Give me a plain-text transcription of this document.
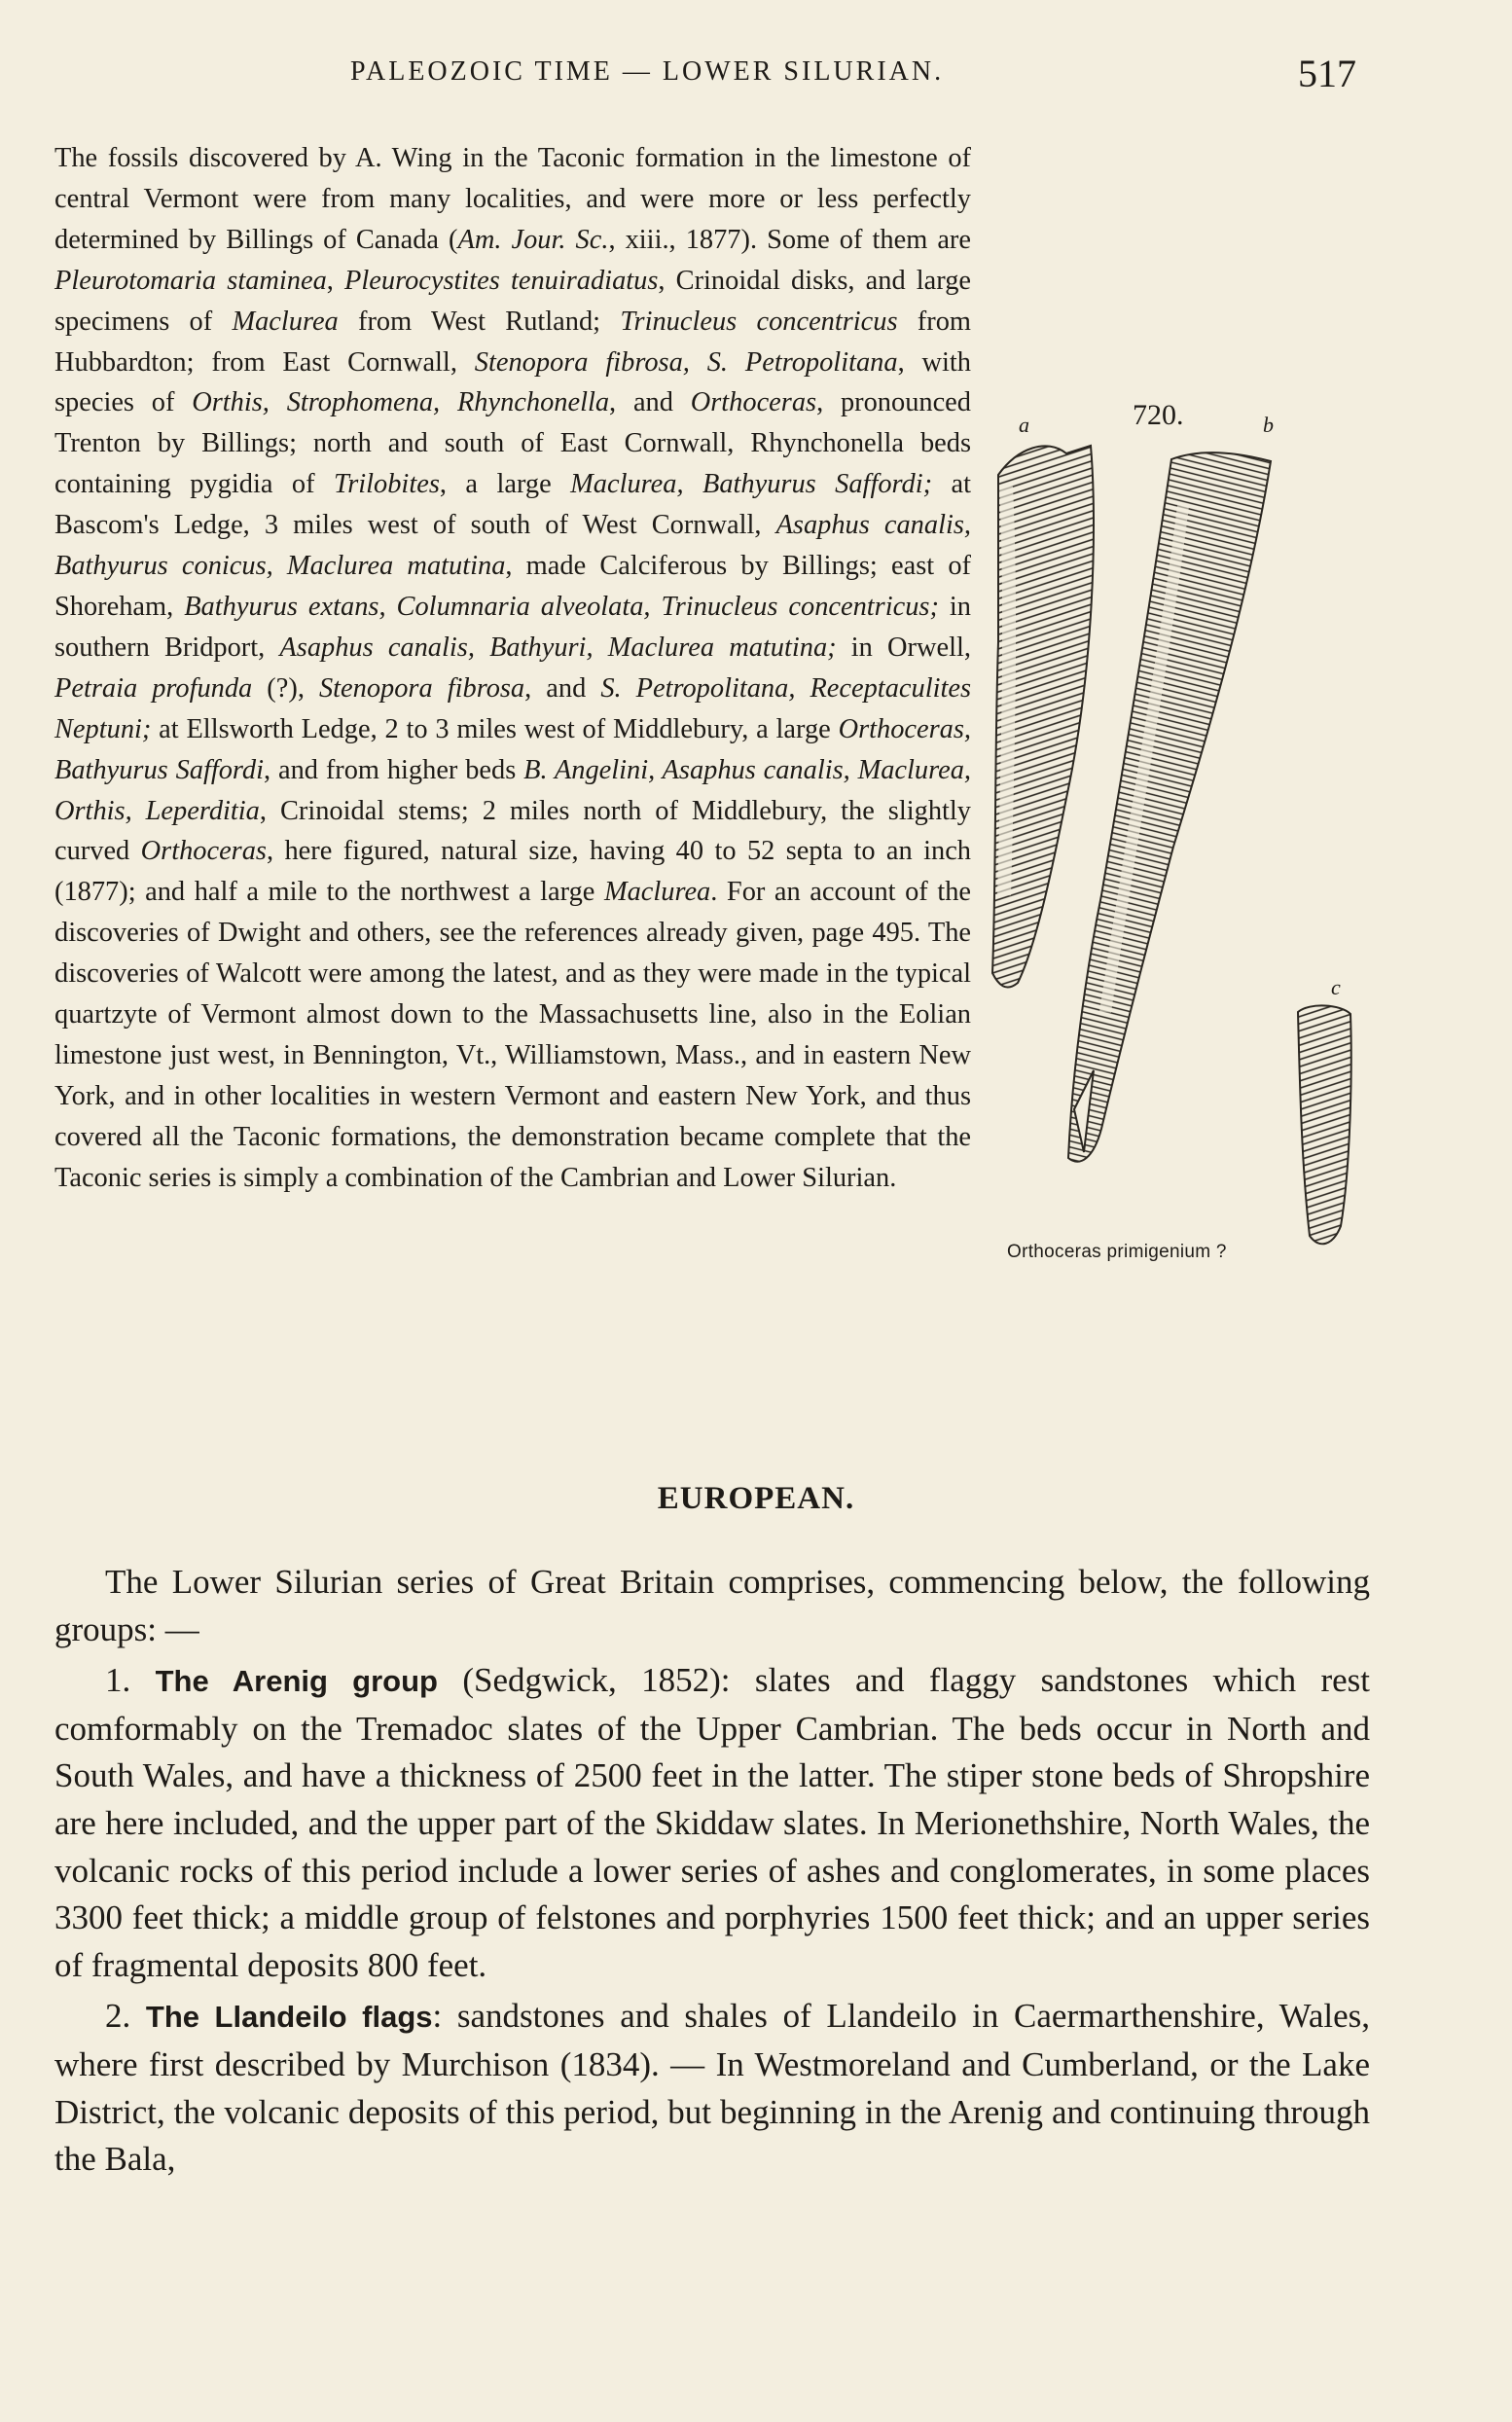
PALEOZOIC TIME — LOWER SILURIAN.	517
720.
a	b
c

The fossils discovered by A. Wing in the Taconic formation in the limestone of central Vermont were from many localities, and were more or less perfectly determined by Billings of Canada (Am. Jour. Sc., xiii., 1877). Some of them are Pleurotomaria staminea, Pleurocystites tenuiradiatus, Crinoidal disks, and large specimens of Maclurea from West Rutland; Trinucleus concentricus from Hubbardton; from East Cornwall, Stenopora fibrosa, S. Petropolitana, with species of Orthis, Strophomena, Rhynchonella, and Orthoceras, pronounced Trenton by Billings; north and south of East Cornwall, Rhynchonella beds containing pygidia of Trilobites, a large Maclurea, Bathyurus Saffordi; at Bascom's Ledge, 3 miles west of south of West Cornwall, Asaphus canalis, Bathyurus conicus, Maclurea matutina, made Calciferous by Billings; east of Shoreham, Bathyurus extans, Columnaria alveolata, Trinucleus concentricus; in southern Bridport, Asaphus canalis, Bathyuri, Maclurea matutina; in Orwell, Petraia profunda (?), Stenopora fibrosa, and S. Petropolitana, Receptaculites Neptuni; at Ellsworth Ledge, 2 to 3 miles west of Middlebury, a large Orthoceras, Bathyurus Saffordi, and from higher beds B. Angelini, Asaphus canalis, Maclurea, Orthis, Leperditia, Crinoidal stems; 2 miles north of Middlebury, the slightly curved Orthoceras, here figured, natural size, having 40 to 52 septa to an inch (1877); and half a mile to the northwest a large Maclurea. For an account of the discoveries of Dwight and others, see the references already given, page 495. The discoveries of Walcott were among the latest, and as they were made in the typical quartzyte of Vermont almost down to the Massachusetts line, also in the Eolian limestone just west, in Bennington, Vt., Williamstown, Mass., and in eastern New York, and in other localities in western Vermont and eastern New York, and thus covered all the Taconic formations, the demonstration became complete that the Taconic series is simply a combination of the Cambrian and Lower Silurian.

Orthoceras primigenium ?
EUROPEAN.

The Lower Silurian series of Great Britain comprises, commencing below, the following groups: —

1. The Arenig group (Sedgwick, 1852): slates and flaggy sandstones which rest comformably on the Tremadoc slates of the Upper Cambrian. The beds occur in North and South Wales, and have a thickness of 2500 feet in the latter. The stiper stone beds of Shropshire are here included, and the upper part of the Skiddaw slates. In Merionethshire, North Wales, the volcanic rocks of this period include a lower series of ashes and conglomerates, in some places 3300 feet thick; a middle group of felstones and porphyries 1500 feet thick; and an upper series of fragmental deposits 800 feet.

2. The Llandeilo flags: sandstones and shales of Llandeilo in Caermarthenshire, Wales, where first described by Murchison (1834). — In Westmoreland and Cumberland, or the Lake District, the volcanic deposits of this period, but beginning in the Arenig and continuing through the Bala,
